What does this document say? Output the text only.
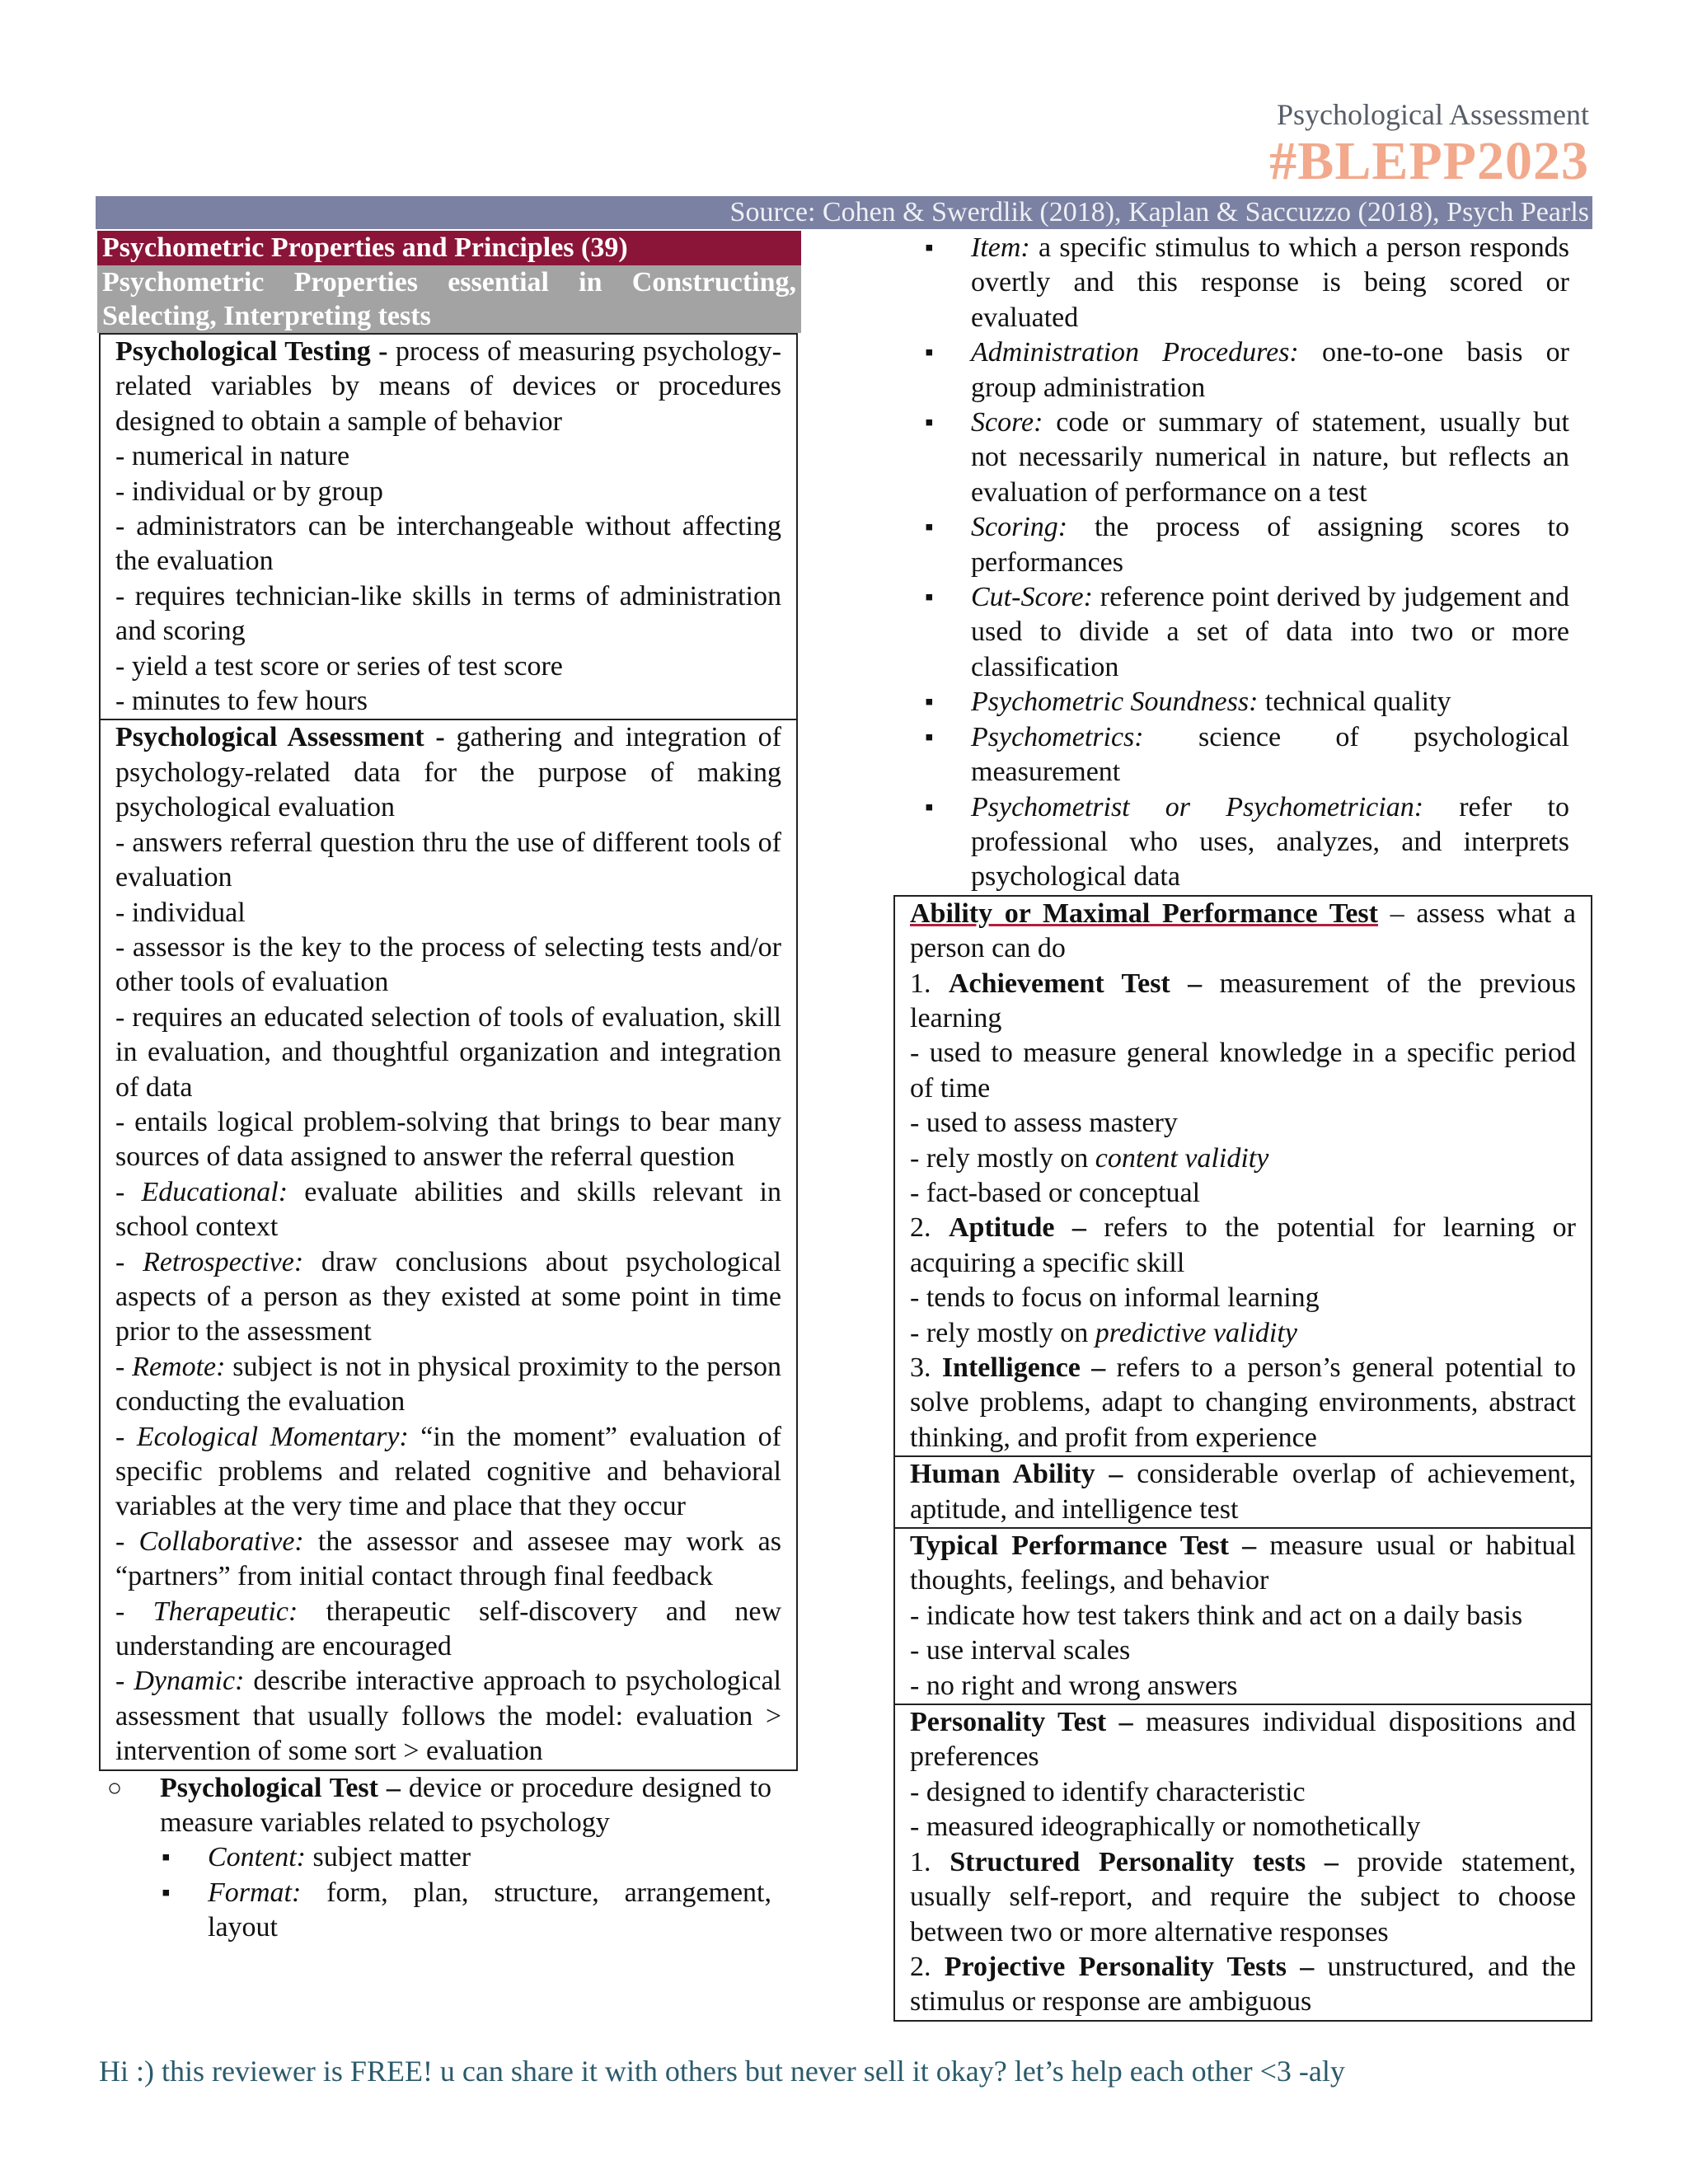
Psychological Assessment
#BLEPP2023
Source: Cohen & Swerdlik (2018), Kaplan & Saccuzzo (2018), Psych Pearls
Psychometric Properties and Principles (39)
Psychometric Properties essential in Constructing, Selecting, Interpreting tests

Psychological Testing - process of measuring psychology-related variables by means of devices or procedures designed to obtain a sample of behavior

- numerical in nature

- individual or by group

- administrators can be interchangeable without affecting the evaluation

- requires technician-like skills in terms of administration and scoring

- yield a test score or series of test score

- minutes to few hours

Psychological Assessment - gathering and integration of psychology-related data for the purpose of making psychological evaluation

- answers referral question thru the use of different tools of evaluation

- individual

- assessor is the key to the process of selecting tests and/or other tools of evaluation

- requires an educated selection of tools of evaluation, skill in evaluation, and thoughtful organization and integration of data

- entails logical problem-solving that brings to bear many sources of data assigned to answer the referral question

- Educational: evaluate abilities and skills relevant in school context

- Retrospective: draw conclusions about psychological aspects of a person as they existed at some point in time prior to the assessment

- Remote: subject is not in physical proximity to the person conducting the evaluation

- Ecological Momentary: “in the moment” evaluation of specific problems and related cognitive and behavioral variables at the very time and place that they occur

- Collaborative: the assessor and assesee may work as “partners” from initial contact through final feedback

- Therapeutic: therapeutic self-discovery and new understanding are encouraged

- Dynamic: describe interactive approach to psychological assessment that usually follows the model: evaluation > intervention of some sort > evaluation

○ Psychological Test – device or procedure designed to measure variables related to psychology
▪ Content: subject matter
▪ Format: form, plan, structure, arrangement, layout
▪ Item: a specific stimulus to which a person responds overtly and this response is being scored or evaluated
▪ Administration Procedures: one-to-one basis or group administration
▪ Score: code or summary of statement, usually but not necessarily numerical in nature, but reflects an evaluation of performance on a test
▪ Scoring: the process of assigning scores to performances
▪ Cut-Score: reference point derived by judgement and used to divide a set of data into two or more classification
▪ Psychometric Soundness: technical quality
▪ Psychometrics: science of psychological measurement
▪ Psychometrist or Psychometrician: refer to professional who uses, analyzes, and interprets psychological data

Ability or Maximal Performance Test – assess what a person can do

1. Achievement Test – measurement of the previous learning

- used to measure general knowledge in a specific period of time

- used to assess mastery

- rely mostly on content validity

- fact-based or conceptual

2. Aptitude – refers to the potential for learning or acquiring a specific skill

- tends to focus on informal learning

- rely mostly on predictive validity

3. Intelligence – refers to a person’s general potential to solve problems, adapt to changing environments, abstract thinking, and profit from experience

Human Ability – considerable overlap of achievement, aptitude, and intelligence test

Typical Performance Test – measure usual or habitual thoughts, feelings, and behavior

- indicate how test takers think and act on a daily basis

- use interval scales

- no right and wrong answers

Personality Test – measures individual dispositions and preferences

- designed to identify characteristic

- measured ideographically or nomothetically

1. Structured Personality tests – provide statement, usually self-report, and require the subject to choose between two or more alternative responses

2. Projective Personality Tests – unstructured, and the stimulus or response are ambiguous

Hi :) this reviewer is FREE! u can share it with others but never sell it okay? let’s help each other <3 -aly
